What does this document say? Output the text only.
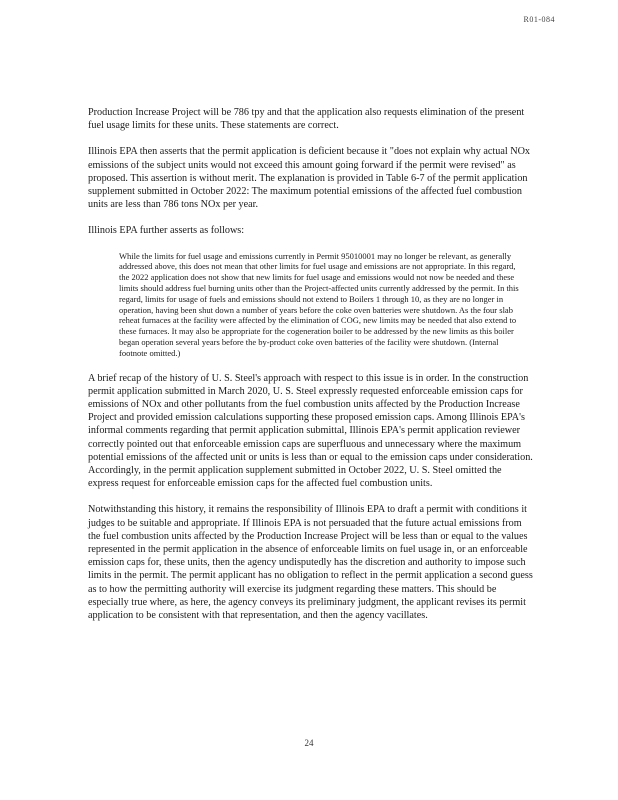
R01-084

Production Increase Project will be 786 tpy and that the application also requests elimination of the present fuel usage limits for these units. These statements are correct.

Illinois EPA then asserts that the permit application is deficient because it "does not explain why actual NOx emissions of the subject units would not exceed this amount going forward if the permit were revised" as proposed. This assertion is without merit. The explanation is provided in Table 6-7 of the permit application supplement submitted in October 2022: The maximum potential emissions of the affected fuel combustion units are less than 786 tons NOx per year.

Illinois EPA further asserts as follows:

While the limits for fuel usage and emissions currently in Permit 95010001 may no longer be relevant, as generally addressed above, this does not mean that other limits for fuel usage and emissions are not appropriate. In this regard, the 2022 application does not show that new limits for fuel usage and emissions would not now be needed and these limits should address fuel burning units other than the Project-affected units currently addressed by the permit. In this regard, limits for usage of fuels and emissions should not extend to Boilers 1 through 10, as they are no longer in operation, having been shut down a number of years before the coke oven batteries were shutdown. As the four slab reheat furnaces at the facility were affected by the elimination of COG, new limits may be needed that also extend to these furnaces. It may also be appropriate for the cogeneration boiler to be addressed by the new limits as this boiler began operation several years before the by-product coke oven batteries of the facility were shutdown. (Internal footnote omitted.)

A brief recap of the history of U. S. Steel's approach with respect to this issue is in order. In the construction permit application submitted in March 2020, U. S. Steel expressly requested enforceable emission caps for emissions of NOx and other pollutants from the fuel combustion units affected by the Production Increase Project and provided emission calculations supporting these proposed emission caps. Among Illinois EPA's informal comments regarding that permit application submittal, Illinois EPA's permit application reviewer correctly pointed out that enforceable emission caps are superfluous and unnecessary where the maximum potential emissions of the affected unit or units is less than or equal to the emission caps under consideration. Accordingly, in the permit application supplement submitted in October 2022, U. S. Steel omitted the express request for enforceable emission caps for the affected fuel combustion units.

Notwithstanding this history, it remains the responsibility of Illinois EPA to draft a permit with conditions it judges to be suitable and appropriate. If Illinois EPA is not persuaded that the future actual emissions from the fuel combustion units affected by the Production Increase Project will be less than or equal to the values represented in the permit application in the absence of enforceable limits on fuel usage in, or an enforceable emission caps for, these units, then the agency undisputedly has the discretion and authority to impose such limits in the permit. The permit applicant has no obligation to reflect in the permit application a second guess as to how the permitting authority will exercise its judgment regarding these matters. This should be especially true where, as here, the agency conveys its preliminary judgment, the applicant revises its permit application to be consistent with that representation, and then the agency vacillates.

24
